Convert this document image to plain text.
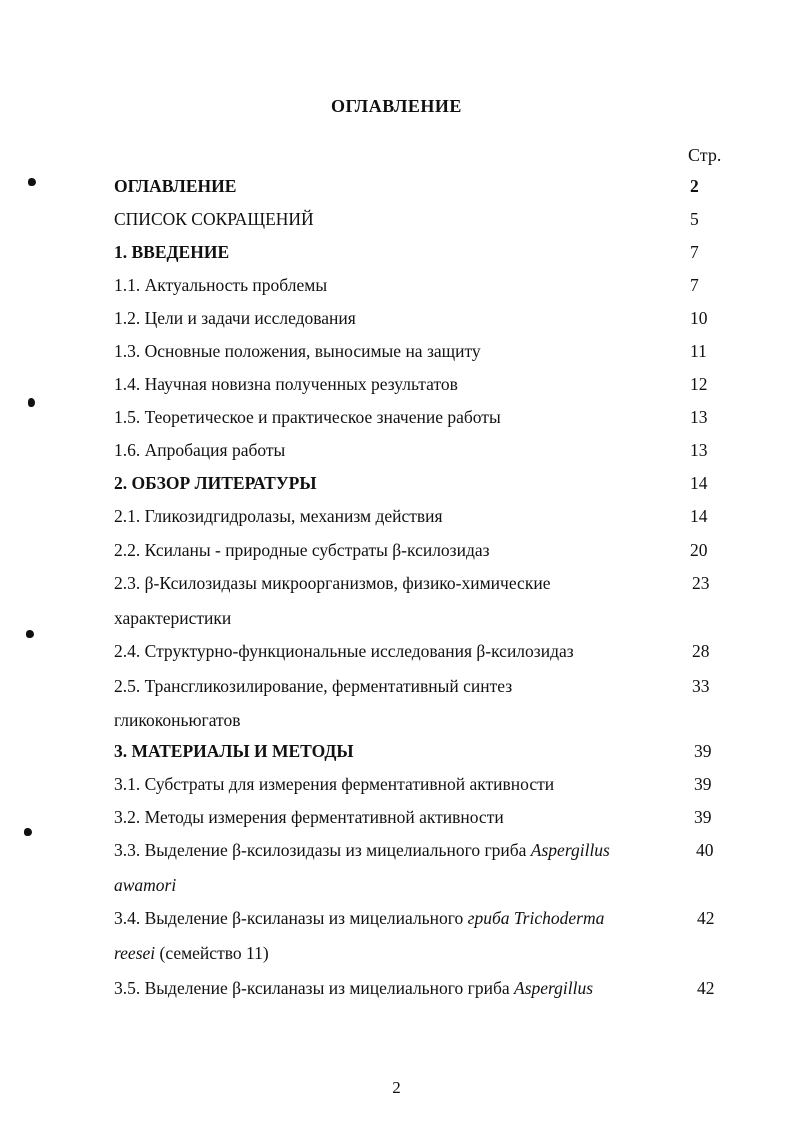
ОГЛАВЛЕНИЕ
Стр.
ОГЛАВЛЕНИЕ	2
СПИСОК СОКРАЩЕНИЙ	5
1. ВВЕДЕНИЕ	7
1.1. Актуальность проблемы	7
1.2. Цели и задачи исследования	10
1.3. Основные положения, выносимые на защиту	11
1.4. Научная новизна полученных результатов	12
1.5. Теоретическое и практическое значение работы	13
1.6. Апробация работы	13
2. ОБЗОР ЛИТЕРАТУРЫ	14
2.1. Гликозидгидролазы, механизм действия	14
2.2. Ксиланы - природные субстраты β-ксилозидаз	20
2.3. β-Ксилозидазы микроорганизмов, физико-химические	23
характеристики
2.4. Структурно-функциональные исследования β-ксилозидаз	28
2.5. Трансгликозилирование, ферментативный синтез	33
гликоконьюгатов
3. МАТЕРИАЛЫ И МЕТОДЫ	39
3.1. Субстраты для измерения ферментативной активности	39
3.2. Методы измерения ферментативной активности	39
3.3. Выделение β-ксилозидазы из мицелиального гриба Aspergillus	40
awamori
3.4. Выделение β-ксиланазы из мицелиального гриба Trichoderma	42
reesei (семейство 11)
3.5. Выделение β-ксиланазы из мицелиального гриба Aspergillus	42
2
